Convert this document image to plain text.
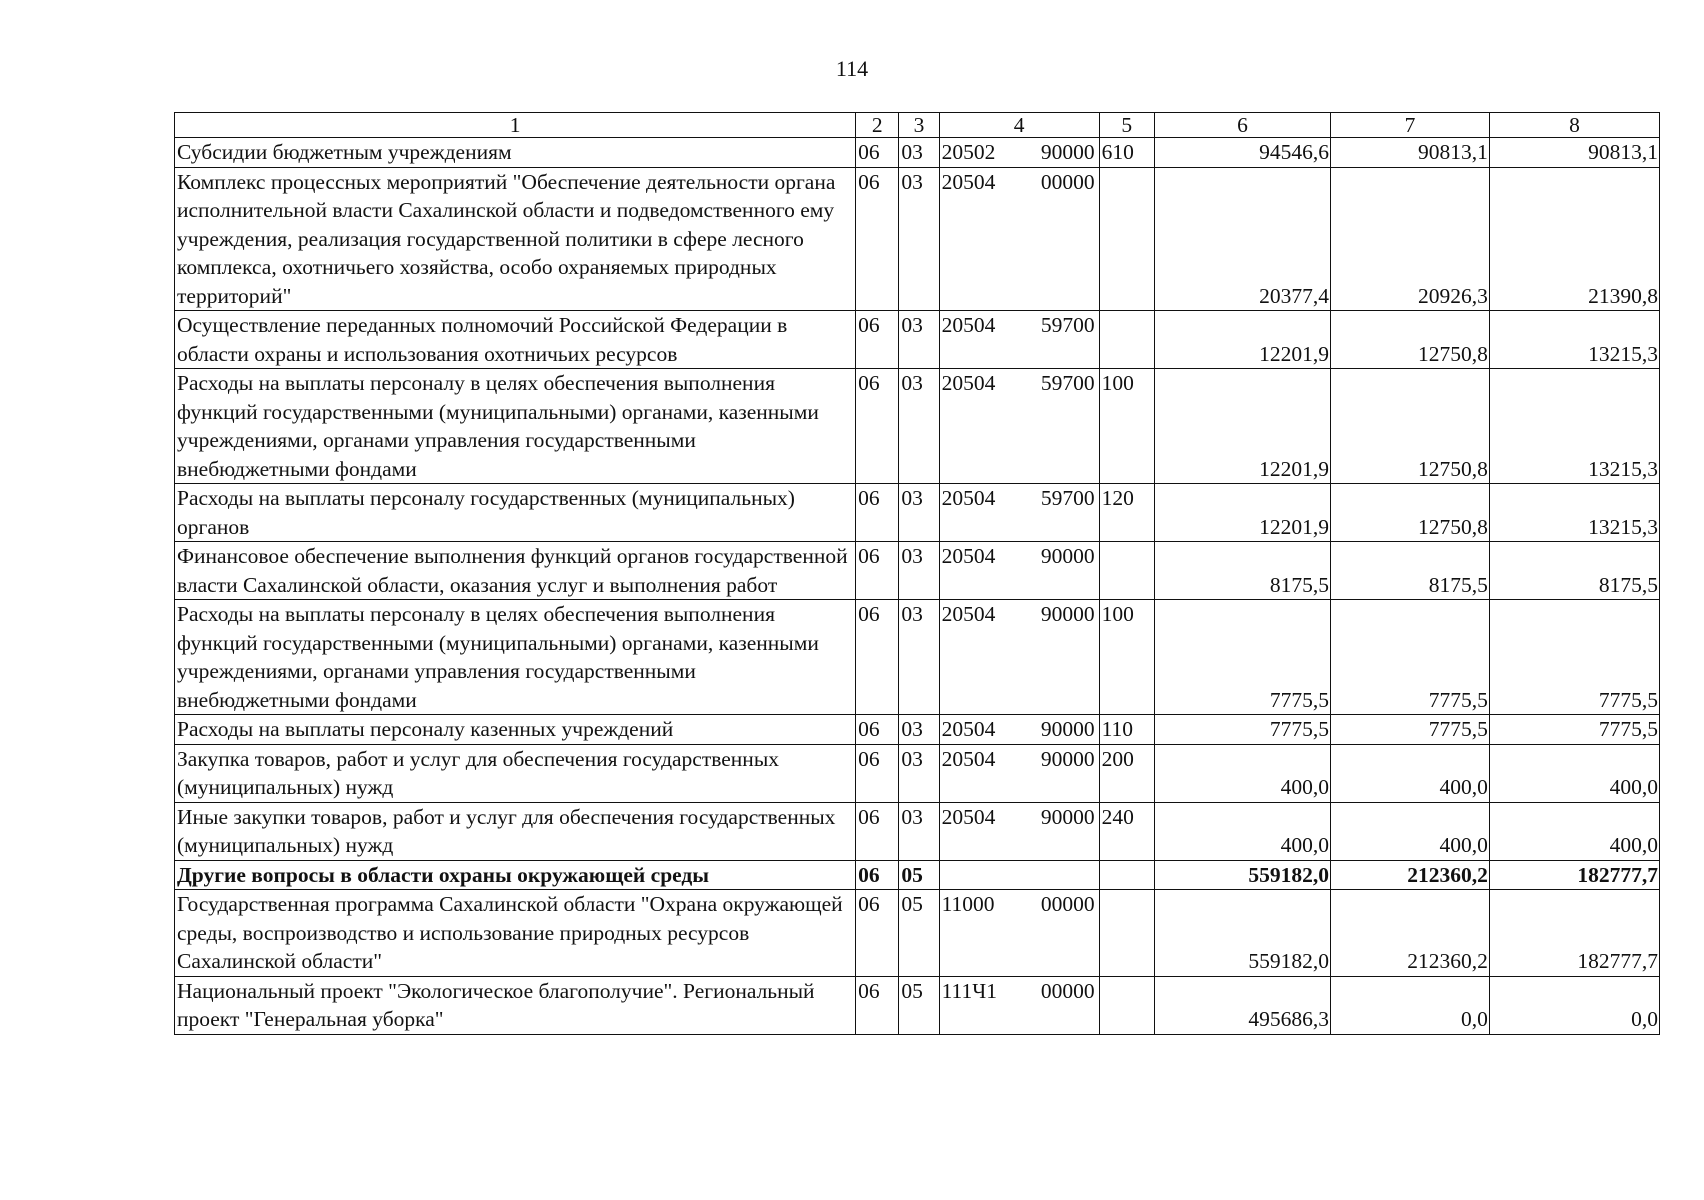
114
1	2	3	4	5	6	7	8
Субсидии бюджетным учреждениям	06	03	20502 90000	610	94546,6	90813,1	90813,1
Комплекс процессных мероприятий "Обеспечение деятельности органа исполнительной власти Сахалинской области и подведомственного ему учреждения, реализация государственной политики в сфере лесного комплекса, охотничьего хозяйства, особо охраняемых природных территорий"	06	03	20504 00000		20377,4	20926,3	21390,8
Осуществление переданных полномочий Российской Федерации в области охраны и использования охотничьих ресурсов	06	03	20504 59700		12201,9	12750,8	13215,3
Расходы на выплаты персоналу в целях обеспечения выполнения функций государственными (муниципальными) органами, казенными учреждениями, органами управления государственными внебюджетными фондами	06	03	20504 59700	100	12201,9	12750,8	13215,3
Расходы на выплаты персоналу государственных (муниципальных) органов	06	03	20504 59700	120	12201,9	12750,8	13215,3
Финансовое обеспечение выполнения функций органов государственной власти Сахалинской области, оказания услуг и выполнения работ	06	03	20504 90000		8175,5	8175,5	8175,5
Расходы на выплаты персоналу в целях обеспечения выполнения функций государственными (муниципальными) органами, казенными учреждениями, органами управления государственными внебюджетными фондами	06	03	20504 90000	100	7775,5	7775,5	7775,5
Расходы на выплаты персоналу казенных учреждений	06	03	20504 90000	110	7775,5	7775,5	7775,5
Закупка товаров, работ и услуг для обеспечения государственных (муниципальных) нужд	06	03	20504 90000	200	400,0	400,0	400,0
Иные закупки товаров, работ и услуг для обеспечения государственных (муниципальных) нужд	06	03	20504 90000	240	400,0	400,0	400,0
Другие вопросы в области охраны окружающей среды	06	05			559182,0	212360,2	182777,7
Государственная программа Сахалинской области "Охрана окружающей среды, воспроизводство и использование природных ресурсов Сахалинской области"	06	05	11000 00000		559182,0	212360,2	182777,7
Национальный проект "Экологическое благополучие". Региональный проект "Генеральная уборка"	06	05	111Ч1 00000		495686,3	0,0	0,0
